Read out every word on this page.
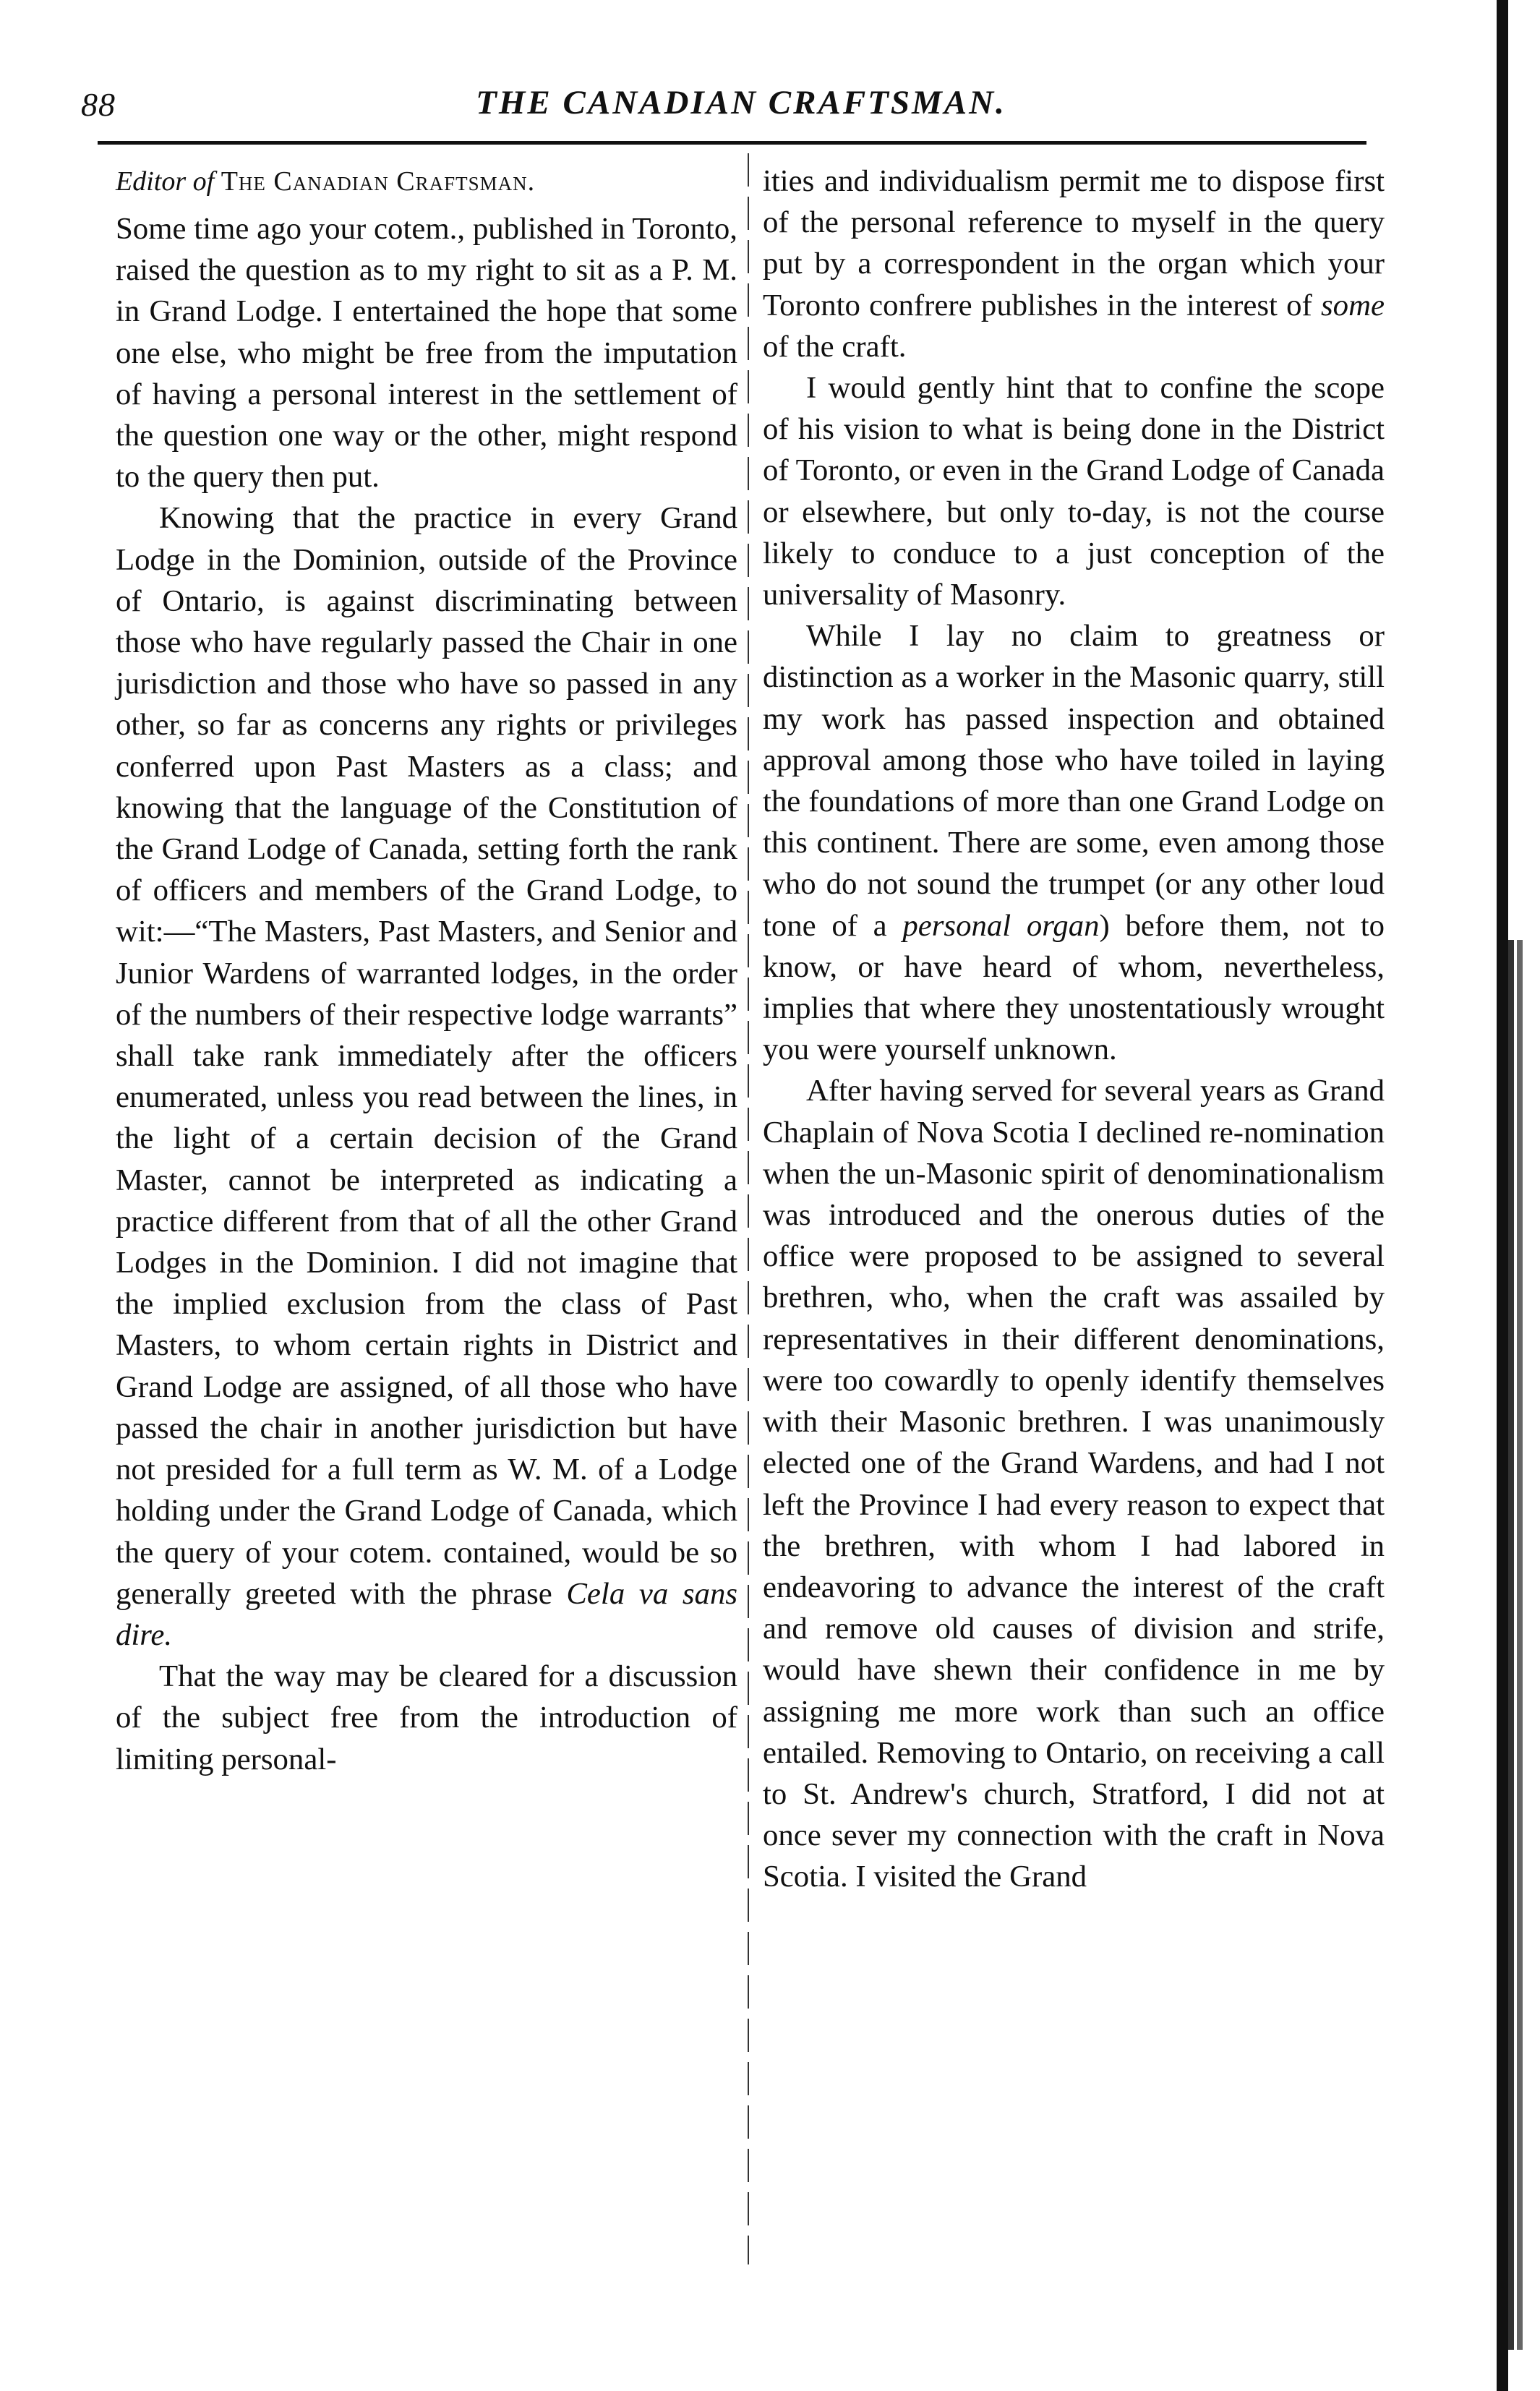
88	THE CANADIAN CRAFTSMAN.
Editor of The Canadian Craftsman.

Some time ago your cotem., published in Toronto, raised the question as to my right to sit as a P. M. in Grand Lodge. I entertained the hope that some one else, who might be free from the imputation of having a personal interest in the settlement of the question one way or the other, might respond to the query then put.

Knowing that the practice in every Grand Lodge in the Dominion, outside of the Province of Ontario, is against discriminating between those who have regularly passed the Chair in one jurisdiction and those who have so passed in any other, so far as concerns any rights or privileges conferred upon Past Masters as a class; and knowing that the language of the Constitution of the Grand Lodge of Canada, setting forth the rank of officers and members of the Grand Lodge, to wit:—“The Masters, Past Masters, and Senior and Junior Wardens of warranted lodges, in the order of the numbers of their respective lodge warrants” shall take rank immediately after the officers enumerated, unless you read between the lines, in the light of a certain decision of the Grand Master, cannot be interpreted as indicating a practice different from that of all the other Grand Lodges in the Dominion. I did not imagine that the implied exclusion from the class of Past Masters, to whom certain rights in District and Grand Lodge are assigned, of all those who have passed the chair in another jurisdiction but have not presided for a full term as W. M. of a Lodge holding under the Grand Lodge of Canada, which the query of your cotem. contained, would be so generally greeted with the phrase Cela va sans dire.

That the way may be cleared for a discussion of the subject free from the introduction of limiting personal-

ities and individualism permit me to dispose first of the personal reference to myself in the query put by a correspondent in the organ which your Toronto confrere publishes in the interest of some of the craft.

I would gently hint that to confine the scope of his vision to what is being done in the District of Toronto, or even in the Grand Lodge of Canada or elsewhere, but only to-day, is not the course likely to conduce to a just conception of the universality of Masonry.

While I lay no claim to greatness or distinction as a worker in the Masonic quarry, still my work has passed inspection and obtained approval among those who have toiled in laying the foundations of more than one Grand Lodge on this continent. There are some, even among those who do not sound the trumpet (or any other loud tone of a personal organ) before them, not to know, or have heard of whom, nevertheless, implies that where they unostentatiously wrought you were yourself unknown.

After having served for several years as Grand Chaplain of Nova Scotia I declined re-nomination when the un-Masonic spirit of denominationalism was introduced and the onerous duties of the office were proposed to be assigned to several brethren, who, when the craft was assailed by representatives in their different denominations, were too cowardly to openly identify themselves with their Masonic brethren. I was unanimously elected one of the Grand Wardens, and had I not left the Province I had every reason to expect that the brethren, with whom I had labored in endeavoring to advance the interest of the craft and remove old causes of division and strife, would have shewn their confidence in me by assigning me more work than such an office entailed. Removing to Ontario, on receiving a call to St. Andrew's church, Stratford, I did not at once sever my connection with the craft in Nova Scotia. I visited the Grand
